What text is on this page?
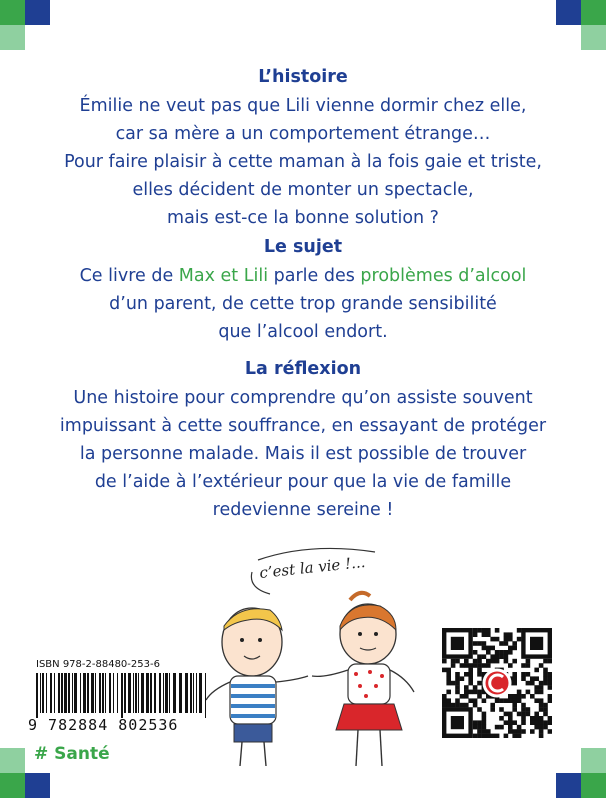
L’histoire
Émilie ne veut pas que Lili vienne dormir chez elle,
car sa mère a un comportement étrange…
Pour faire plaisir à cette maman à la fois gaie et triste,
elles décident de monter un spectacle,
mais est-ce la bonne solution ?
Le sujet
Ce livre de Max et Lili parle des problèmes d’alcool
d’un parent, de cette trop grande sensibilité
que l’alcool endort.
La réflexion
Une histoire pour comprendre qu’on assiste souvent
impuissant à cette souffrance, en essayant de protéger
la personne malade. Mais il est possible de trouver
de l’aide à l’extérieur pour que la vie de famille
redevienne sereine !
c’est la vie !...
ISBN 978-2-88480-253-6
9 782884 802536
# Santé
